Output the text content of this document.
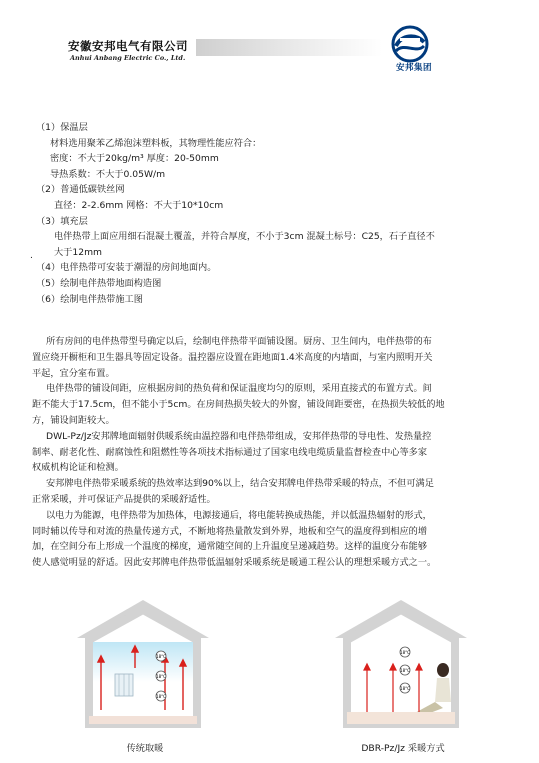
安徽安邦电气有限公司
Anhui Anbang Electric Co., Ltd.
安邦集团
（1）保温层
材料选用聚苯乙烯泡沫塑料板，其物理性能应符合：
密度：不大于20kg/m³ 厚度：20-50mm
导热系数：不大于0.05W/m
（2）普通低碳铁丝网
直径：2-2.6mm 网格：不大于10*10cm
（3）填充层
电伴热带上面应用细石混凝土覆盖，并符合厚度，不小于3cm 混凝土标号：C25，石子直径不
大于12mm
（4）电伴热带可安装于潮湿的房间地面内。
（5）绘制电伴热带地面构造图
（6）绘制电伴热带施工图
.
所有房间的电伴热带型号确定以后，绘制电伴热带平面铺设图。厨房、卫生间内，电伴热带的布
置应绕开橱柜和卫生器具等固定设备。温控器应设置在距地面1.4米高度的内墙面，与室内照明开关
平起，宜分室布置。
电伴热带的铺设间距，应根据房间的热负荷和保证温度均匀的原则，采用直接式的布置方式。间
距不能大于17.5cm，但不能小于5cm。在房间热损失较大的外窗，铺设间距要密，在热损失较低的地
方，铺设间距较大。
DWL-Pz/Jz安邦牌地面辐射供暖系统由温控器和电伴热带组成，安邦伴热带的导电性、发热量控
制率、耐老化性、耐腐蚀性和阻燃性等各项技术指标通过了国家电线电缆质量监督检查中心等多家
权威机构论证和检测。
安邦牌电伴热带采暖系统的热效率达到90%以上，结合安邦牌电伴热带采暖的特点，不但可满足
正常采暖，并可保证产品提供的采暖舒适性。
以电力为能源，电伴热带为加热体，电源接通后，将电能转换成热能，并以低温热辐射的形式，
同时辅以传导和对流的热量传递方式，不断地将热量散发到外界，地板和空气的温度得到相应的增
加，在空间分布上形成一个温度的梯度，通常随空间的上升温度呈递减趋势。这样的温度分布能够
使人感觉明显的舒适。因此安邦牌电伴热带低温辐射采暖系统是暖通工程公认的理想采暖方式之一。
18°C
18°C
18°C
传统取暖
18°C
18°C
18°C
DBR-Pz/Jz 采暖方式
